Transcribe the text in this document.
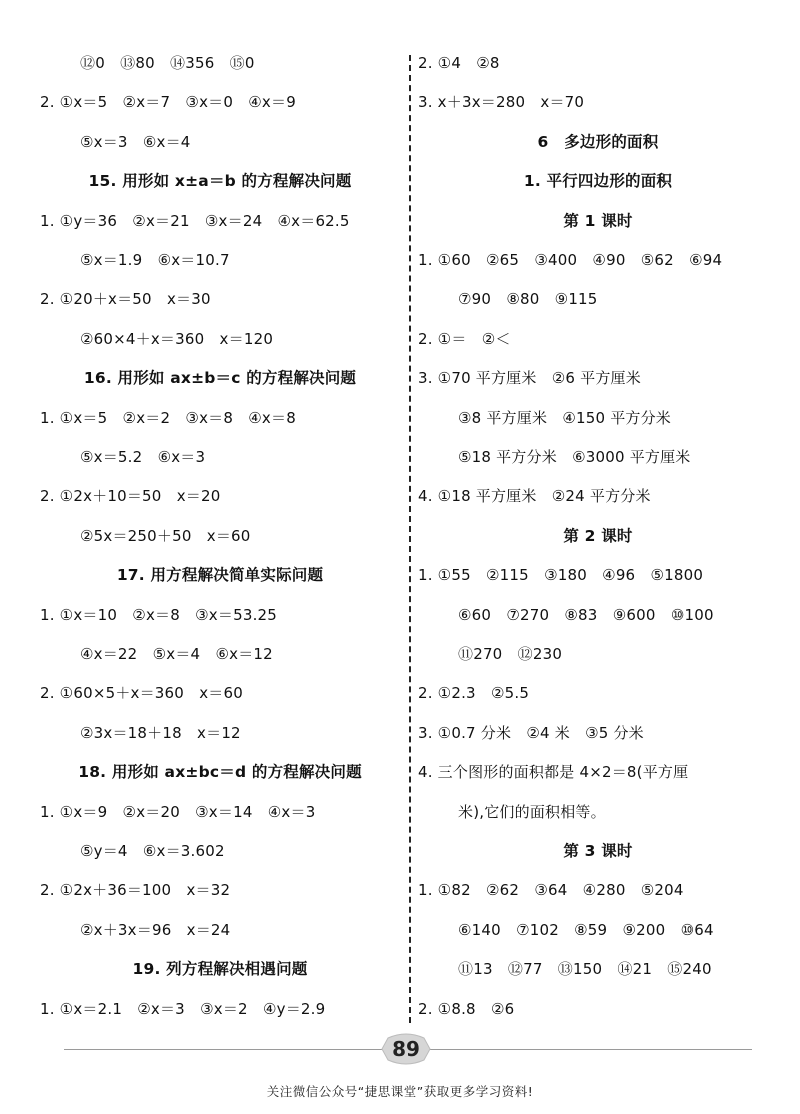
⑫0　⑬80　⑭356　⑮0
2. ①x＝5　②x＝7　③x＝0　④x＝9
⑤x＝3　⑥x＝4
15. 用形如 x±a＝b 的方程解决问题
1. ①y＝36　②x＝21　③x＝24　④x＝62.5
⑤x＝1.9　⑥x＝10.7
2. ①20＋x＝50　x＝30
②60×4＋x＝360　x＝120
16. 用形如 ax±b＝c 的方程解决问题
1. ①x＝5　②x＝2　③x＝8　④x＝8
⑤x＝5.2　⑥x＝3
2. ①2x＋10＝50　x＝20
②5x＝250＋50　x＝60
17. 用方程解决简单实际问题
1. ①x＝10　②x＝8　③x＝53.25
④x＝22　⑤x＝4　⑥x＝12
2. ①60×5＋x＝360　x＝60
②3x＝18＋18　x＝12
18. 用形如 ax±bc＝d 的方程解决问题
1. ①x＝9　②x＝20　③x＝14　④x＝3
⑤y＝4　⑥x＝3.602
2. ①2x＋36＝100　x＝32
②x＋3x＝96　x＝24
19. 列方程解决相遇问题
1. ①x＝2.1　②x＝3　③x＝2　④y＝2.9
2. ①4　②8
3. x＋3x＝280　x＝70
6　多边形的面积
1. 平行四边形的面积
第 1 课时
1. ①60　②65　③400　④90　⑤62　⑥94
⑦90　⑧80　⑨115
2. ①＝　②＜
3. ①70 平方厘米　②6 平方厘米
③8 平方厘米　④150 平方分米
⑤18 平方分米　⑥3000 平方厘米
4. ①18 平方厘米　②24 平方分米
第 2 课时
1. ①55　②115　③180　④96　⑤1800
⑥60　⑦270　⑧83　⑨600　⑩100
⑪270　⑫230
2. ①2.3　②5.5
3. ①0.7 分米　②4 米　③5 分米
4. 三个图形的面积都是 4×2＝8(平方厘
米),它们的面积相等。
第 3 课时
1. ①82　②62　③64　④280　⑤204
⑥140　⑦102　⑧59　⑨200　⑩64
⑪13　⑫77　⑬150　⑭21　⑮240
2. ①8.8　②6
89
关注微信公众号“捷思课堂”获取更多学习资料!
